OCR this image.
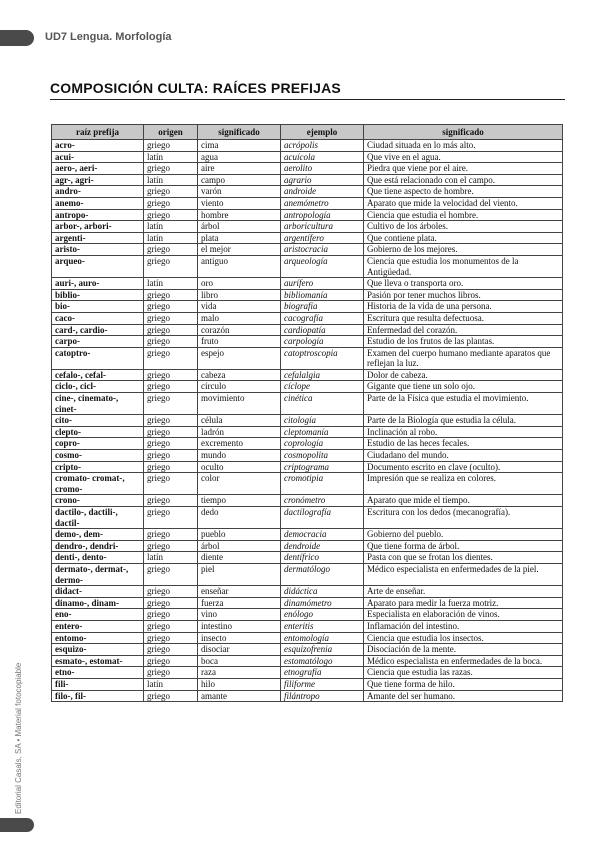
UD7 Lengua. Morfología
COMPOSICIÓN CULTA: RAÍCES PREFIJAS
raíz prefija	origen	significado	ejemplo	significado
acro-	griego	cima	acrópolis	Ciudad situada en lo más alto.
acui-	latín	agua	acuícola	Que vive en el agua.
aero-, aeri-	griego	aire	aerolito	Piedra que viene por el aire.
agr-, agri-	latín	campo	agrario	Que está relacionado con el campo.
andro-	griego	varón	androide	Que tiene aspecto de hombre.
anemo-	griego	viento	anemómetro	Aparato que mide la velocidad del viento.
antropo-	griego	hombre	antropología	Ciencia que estudia el hombre.
arbor-, arbori-	latín	árbol	arboricultura	Cultivo de los árboles.
argenti-	latín	plata	argentífero	Que contiene plata.
aristo-	griego	el mejor	aristocracia	Gobierno de los mejores.
arqueo-	griego	antiguo	arqueología	Ciencia que estudia los monumentos de la Antigüedad.
auri-, auro-	latín	oro	aurífero	Que lleva o transporta oro.
biblio-	griego	libro	bibliomanía	Pasión por tener muchos libros.
bio-	griego	vida	biografía	Historia de la vida de una persona.
caco-	griego	malo	cacografía	Escritura que resulta defectuosa.
card-, cardio-	griego	corazón	cardiopatía	Enfermedad del corazón.
carpo-	griego	fruto	carpología	Estudio de los frutos de las plantas.
catoptro-	griego	espejo	catoptroscopia	Examen del cuerpo humano mediante aparatos que reflejan la luz.
cefalo-, cefal-	griego	cabeza	cefalalgia	Dolor de cabeza.
ciclo-, cicl-	griego	círculo	cíclope	Gigante que tiene un solo ojo.
cine-, cinemato-, cinet-	griego	movimiento	cinética	Parte de la Física que estudia el movimiento.
cito-	griego	célula	citología	Parte de la Biología que estudia la célula.
clepto-	griego	ladrón	cleptomanía	Inclinación al robo.
copro-	griego	excremento	coprología	Estudio de las heces fecales.
cosmo-	griego	mundo	cosmopolita	Ciudadano del mundo.
cripto-	griego	oculto	criptograma	Documento escrito en clave (oculto).
cromato- cromat-, cromo-	griego	color	cromotipia	Impresión que se realiza en colores.
crono-	griego	tiempo	cronómetro	Aparato que mide el tiempo.
dactilo-, dactili-, dactil-	griego	dedo	dactilografía	Escritura con los dedos (mecanografía).
demo-, dem-	griego	pueblo	democracia	Gobierno del pueblo.
dendro-, dendri-	griego	árbol	dendroide	Que tiene forma de árbol.
denti-, dento-	latín	diente	dentífrico	Pasta con que se frotan los dientes.
dermato-, dermat-, dermo-	griego	piel	dermatólogo	Médico especialista en enfermedades de la piel.
didact-	griego	enseñar	didáctica	Arte de enseñar.
dinamo-, dinam-	griego	fuerza	dinamómetro	Aparato para medir la fuerza motriz.
eno-	griego	vino	enólogo	Especialista en elaboración de vinos.
entero-	griego	intestino	enteritis	Inflamación del intestino.
entomo-	griego	insecto	entomología	Ciencia que estudia los insectos.
esquizo-	griego	disociar	esquizofrenia	Disociación de la mente.
esmato-, estomat-	griego	boca	estomatólogo	Médico especialista en enfermedades de la boca.
etno-	griego	raza	etnografía	Ciencia que estudia las razas.
fili-	latín	hilo	filiforme	Que tiene forma de hilo.
filo-, fil-	griego	amante	filántropo	Amante del ser humano.
Editorial Casals, SA • Material fotocopiable
